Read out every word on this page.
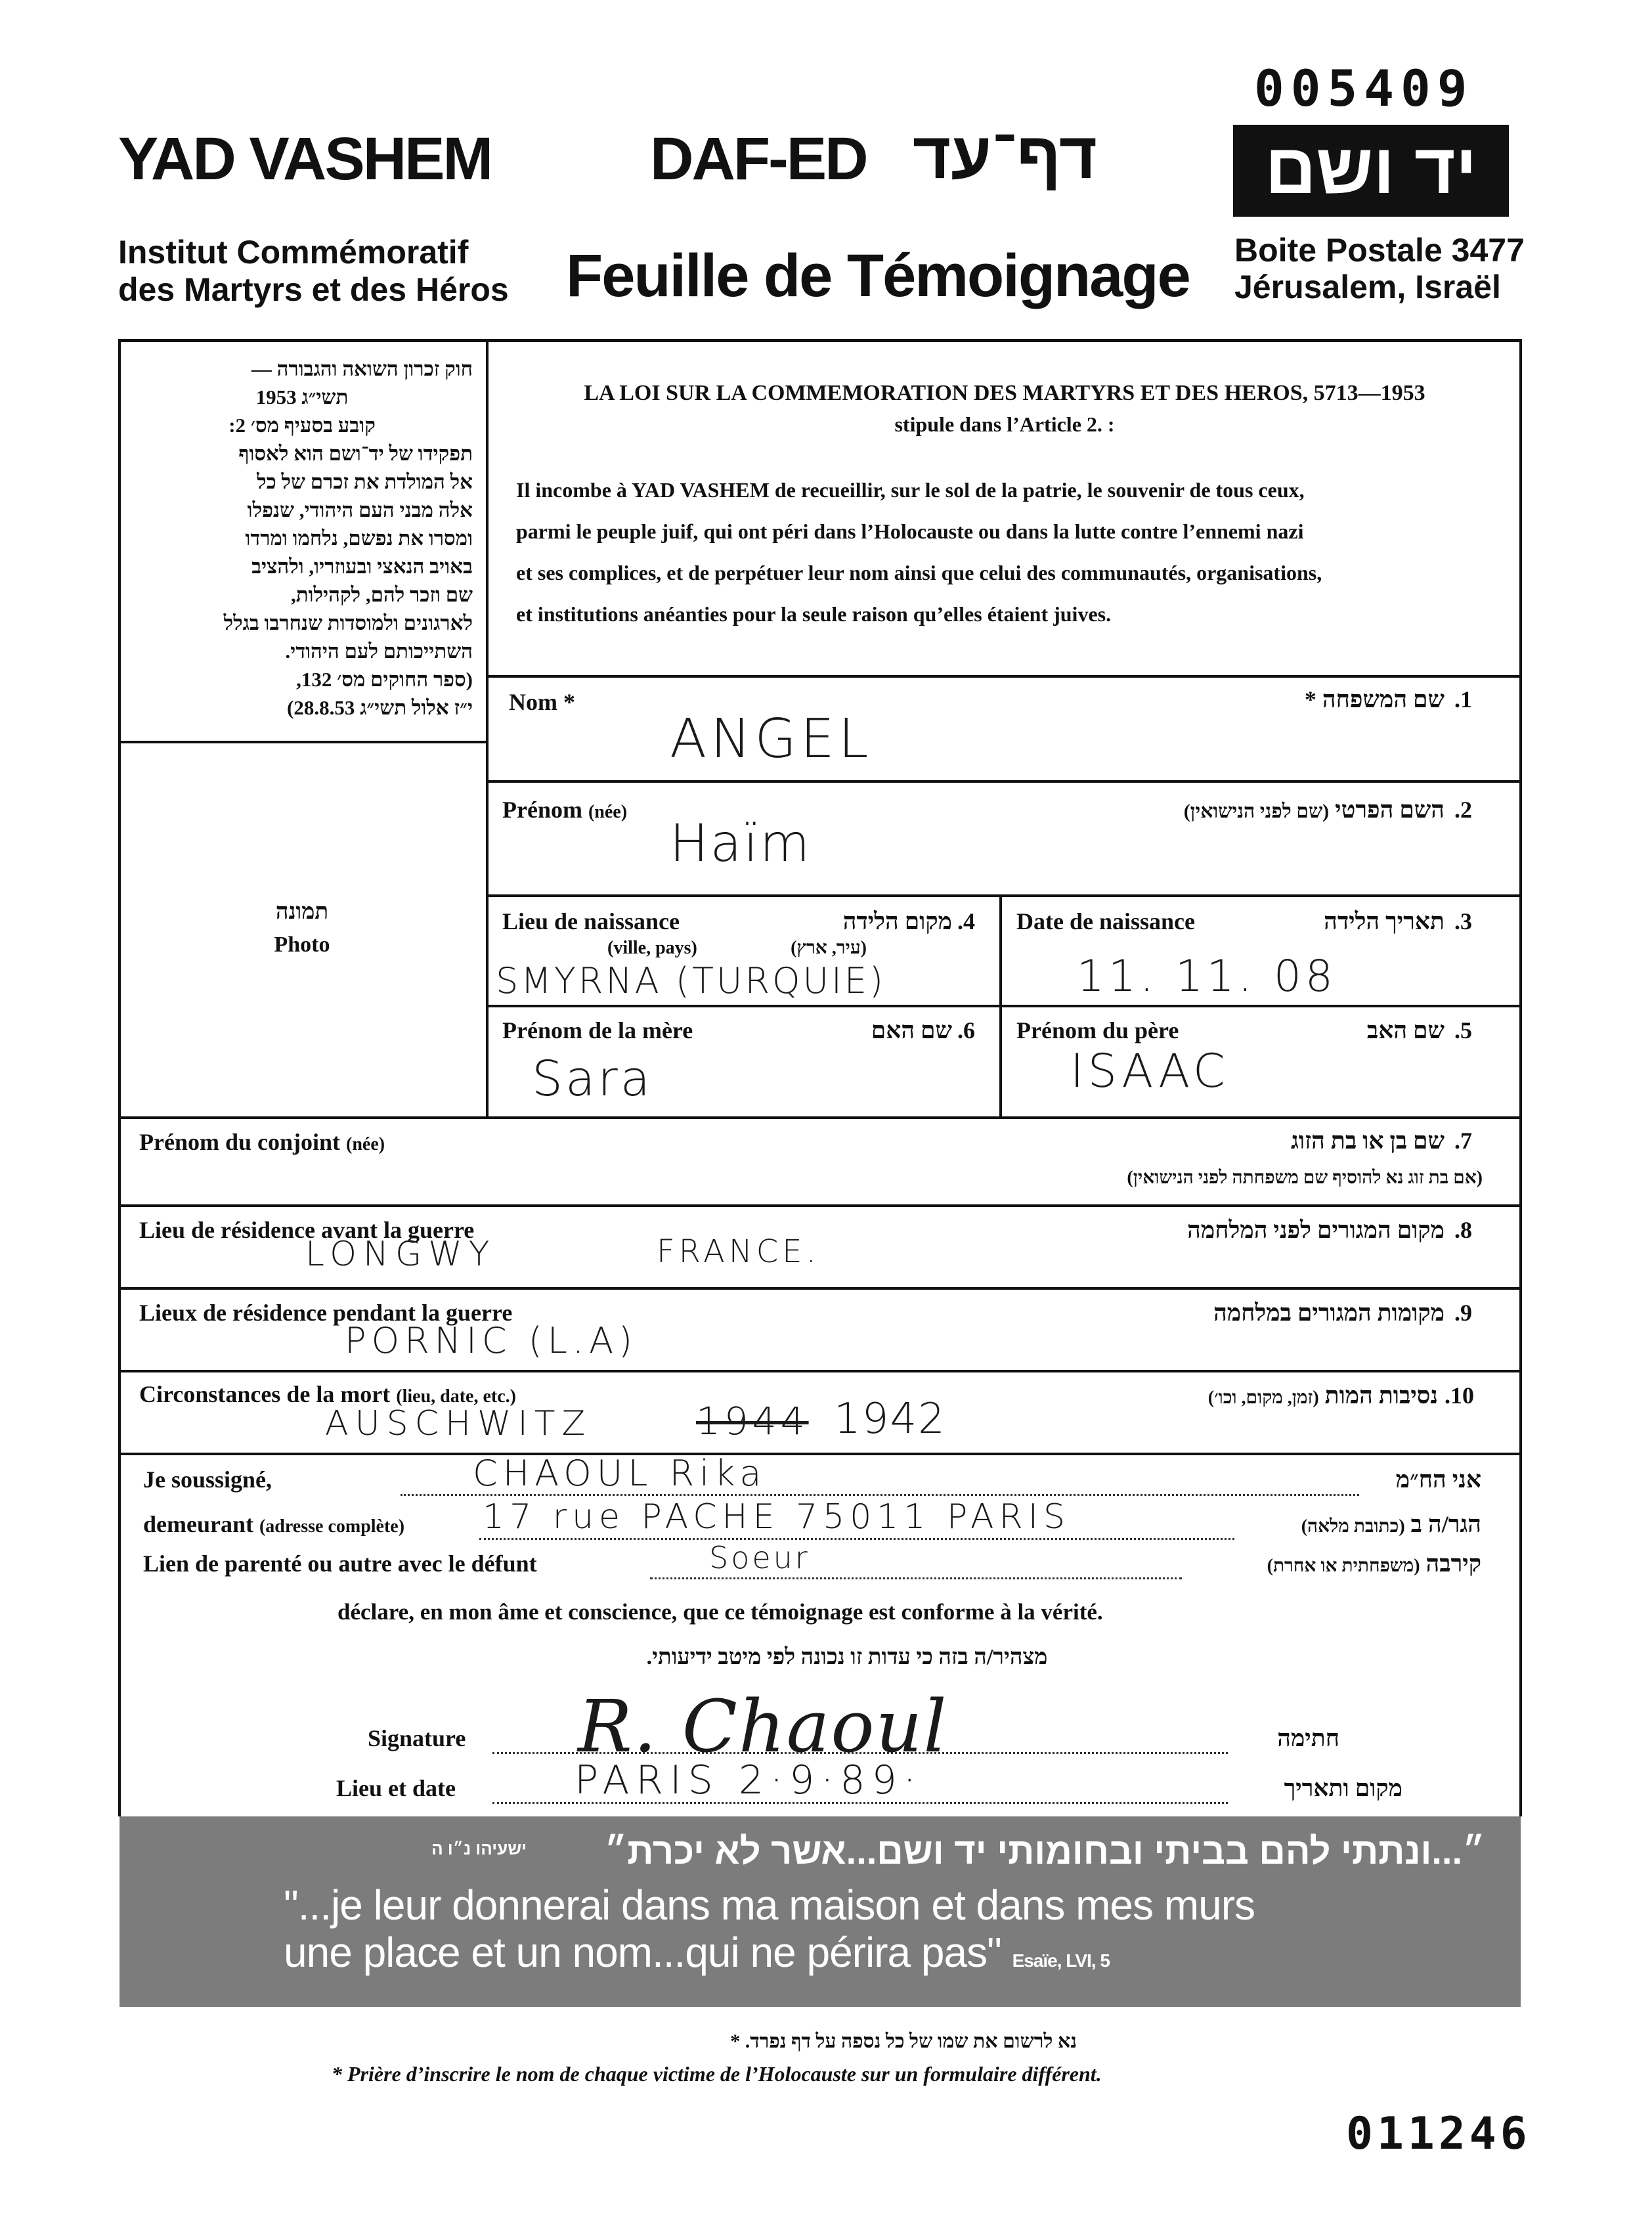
005409
YAD VASHEM	DAF-ED דף־עד	יד ושם
Institut Commémoratif
des Martyrs et des Héros Feuille de Témoignage Boite Postale 3477
Jérusalem, Israël
חוק זכרון השואה והגבורה —
תשי״ג 1953
קובע בסעיף מס׳ 2:
תפקידו של יד־ושם הוא לאסוף
אל המולדת את זכרם של כל
אלה מבני העם היהודי, שנפלו
ומסרו את נפשם, נלחמו ומרדו
באויב הנאצי ובעוזריו, ולהציב
שם וזכר להם, לקהילות,
לארגונים ולמוסדות שנחרבו בגלל
השתייכותם לעם היהודי.
(ספר החוקים מס׳ 132,
י״ז אלול תשי״ג 28.8.53)
תמונה
Photo
LA LOI SUR LA COMMEMORATION DES MARTYRS ET DES HEROS, 5713—1953
stipule dans l’Article 2. :
Il incombe à YAD VASHEM de recueillir, sur le sol de la patrie, le souvenir de tous ceux,
parmi le peuple juif, qui ont péri dans l’Holocauste ou dans la lutte contre l’ennemi nazi
et ses complices, et de perpétuer leur nom ainsi que celui des communautés, organisations,
et institutions anéanties pour la seule raison qu’elles étaient juives.
Nom *	שם המשפחה * .1
ANGEL
Prénom (née)	השם הפרטי (שם לפני הנישואין)	.2
Haïm
Lieu de naissance	מקום הלידה .4
(ville, pays)	(עיר, ארץ)
SMYRNA (TURQUIE)
Date de naissance	תאריך הלידה .3
11. 11. 08
Prénom de la mère	שם האם .6
Sara
Prénom du père	שם האב .5
ISAAC
Prénom du conjoint (née)	שם בן או בת הזוג .7
(אם בת זוג נא להוסיף שם משפחתה לפני הנישואין)
Lieu de résidence avant la guerre	מקום המגורים לפני המלחמה .8
LONGWY	FRANCE.
Lieux de résidence pendant la guerre	מקומות המגורים במלחמה .9
PORNIC (L.A)
Circonstances de la mort (lieu, date, etc.)	נסיבות המות (זמן, מקום, וכו׳)	.10
AUSCHWITZ	1944 1942
Je soussigné,	CHAOUL Rika	אני הח״מ
demeurant (adresse complète) 17 rue PACHE 75011 PARIS	הגר/ה ב (כתובת מלאה)
Lien de parenté ou autre avec le défunt	Soeur	קירבה (משפחתית או אחרת)
déclare, en mon âme et conscience, que ce témoignage est conforme à la vérité.
מצהיר/ה בזה כי עדות זו נכונה לפי מיטב ידיעותי.
Signature R. Chaoul	חתימה
Lieu et date	PARIS 2·9·89·	מקום ותאריך
״...ונתתי להם בביתי ובחומותי יד ושם...אשר לא יכרת״
ישעיהו נ״ו ה
"...je leur donnerai dans ma maison et dans mes murs
une place et un nom...qui ne périra pas" Esaïe, LVI, 5
נא לרשום את שמו של כל נספה על דף נפרד. *
* Prière d’inscrire le nom de chaque victime de l’Holocauste sur un formulaire différent.
011246
